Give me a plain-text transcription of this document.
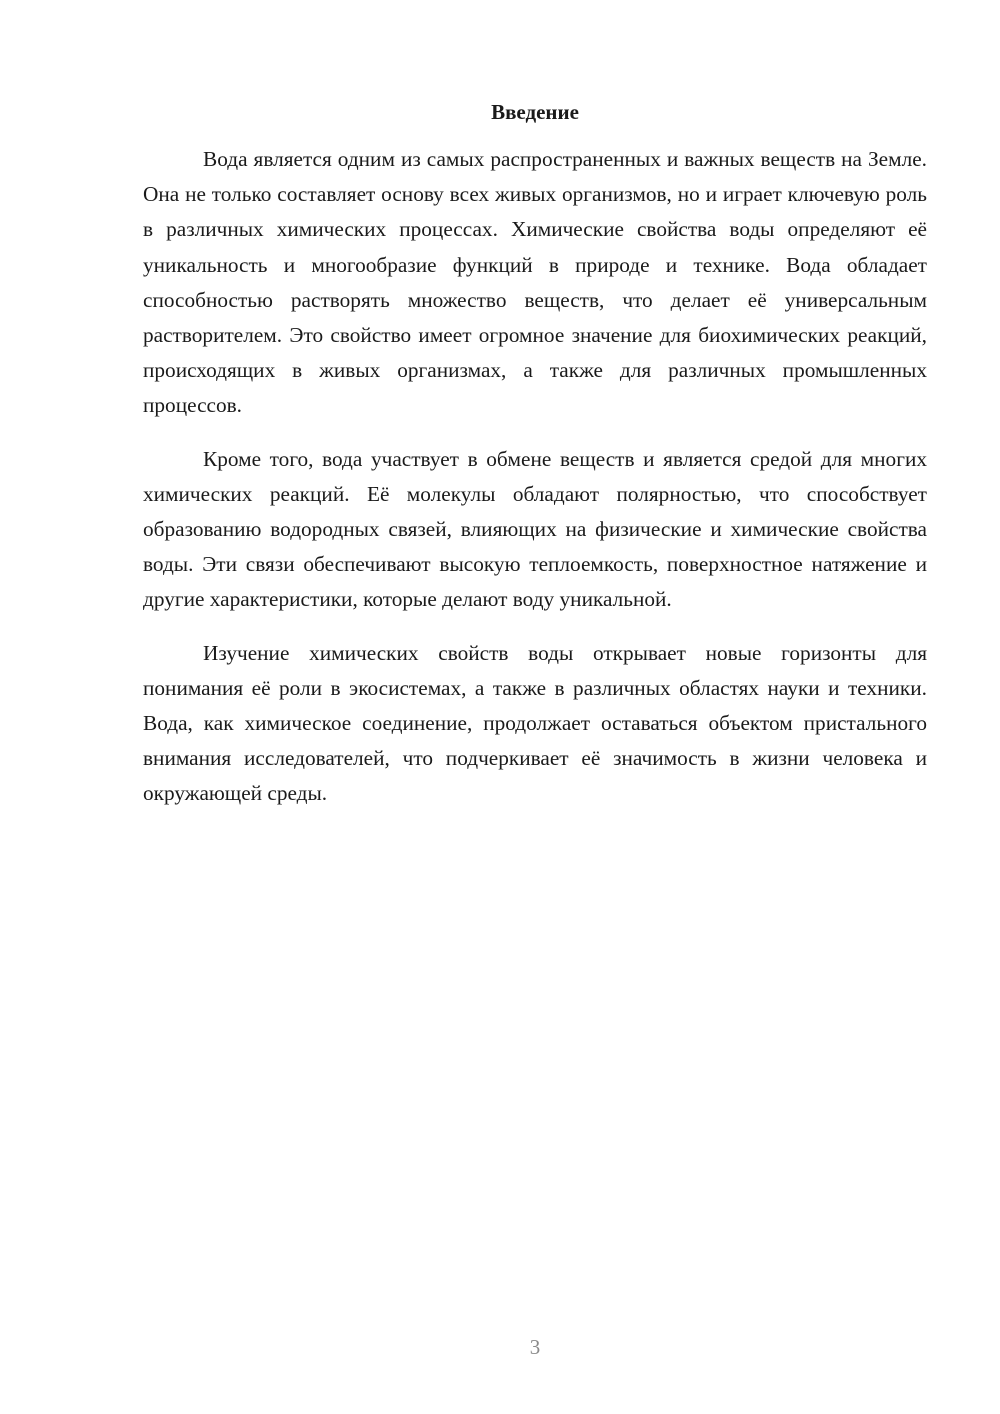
Введение

Вода является одним из самых распространенных и важных веществ на Земле. Она не только составляет основу всех живых организмов, но и играет ключевую роль в различных химических процессах. Химические свойства воды определяют её уникальность и многообразие функций в природе и технике. Вода обладает способностью растворять множество веществ, что делает её универсальным растворителем. Это свойство имеет огромное значение для биохимических реакций, происходящих в живых организмах, а также для различных промышленных процессов.

Кроме того, вода участвует в обмене веществ и является средой для многих химических реакций. Её молекулы обладают полярностью, что способствует образованию водородных связей, влияющих на физические и химические свойства воды. Эти связи обеспечивают высокую теплоемкость, поверхностное натяжение и другие характеристики, которые делают воду уникальной.

Изучение химических свойств воды открывает новые горизонты для понимания её роли в экосистемах, а также в различных областях науки и техники. Вода, как химическое соединение, продолжает оставаться объектом пристального внимания исследователей, что подчеркивает её значимость в жизни человека и окружающей среды.

3
